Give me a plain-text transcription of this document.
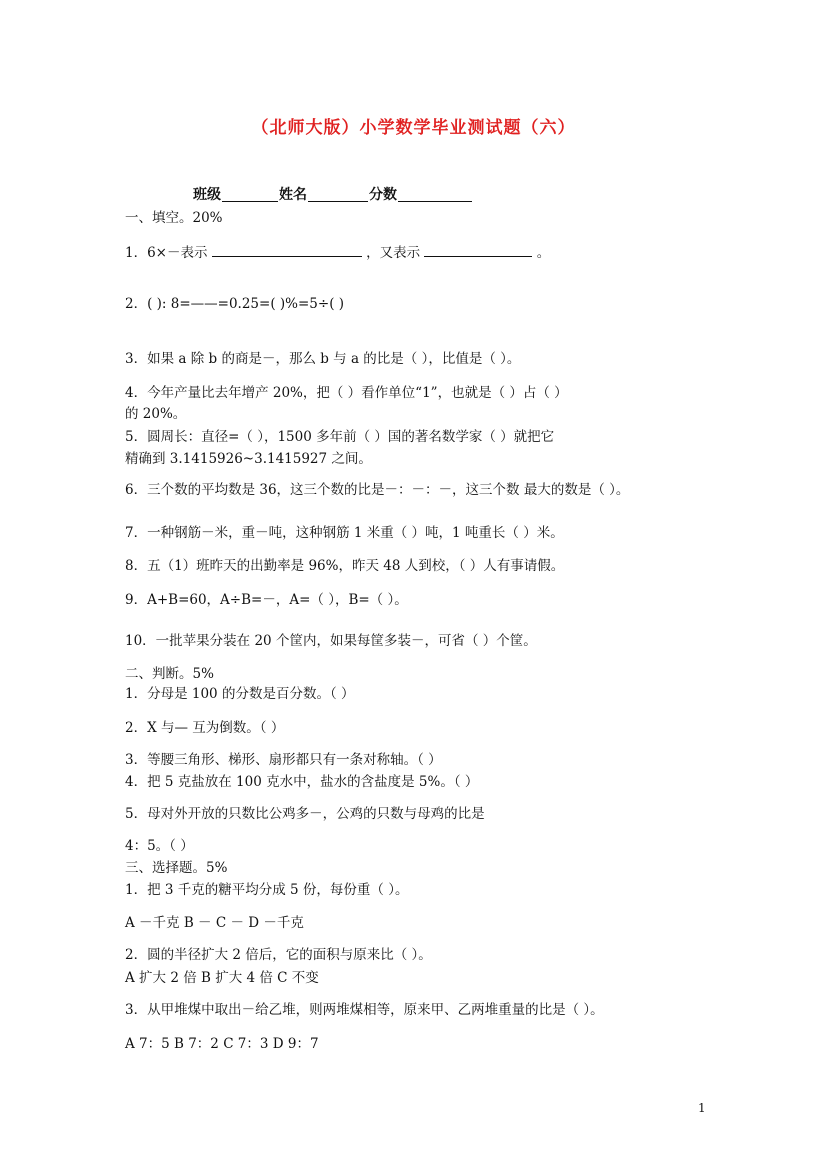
（北师大版）小学数学毕业测试题（六）
班级	姓名	分数
一、填空。20%
1．6×－表示	，又表示	。
2．( ): 8=——=0.25=( )%=5÷( )
3．如果 a 除 b 的商是－，那么 b 与 a 的比是（ ），比值是（ ）。
4．今年产量比去年增产 20%，把（ ）看作单位“1”，也就是（ ）占（ ）
的 20%。
5．圆周长：直径=（ ），1500 多年前（ ）国的著名数学家（ ）就把它
精确到 3.1415926~3.1415927 之间。
6．三个数的平均数是 36，这三个数的比是－：－：－，这三个数 最大的数是（ ）。
7．一种钢筋－米，重－吨，这种钢筋 1 米重（ ）吨，1 吨重长（ ）米。
8．五（1）班昨天的出勤率是 96%，昨天 48 人到校，（ ）人有事请假。
9．A+B=60，A÷B=－，A=（ ），B=（ ）。
10．一批苹果分装在 20 个筐内，如果每筐多装－，可省（ ）个筐。
二、判断。5%
1．分母是 100 的分数是百分数。（ ）
2．X 与— 互为倒数。（ ）
3．等腰三角形、梯形、扇形都只有一条对称轴。（ ）
4．把 5 克盐放在 100 克水中，盐水的含盐度是 5%。（ ）
5．母对外开放的只数比公鸡多－，公鸡的只数与母鸡的比是
4：5。（ ）
三、选择题。5%
1．把 3 千克的糖平均分成 5 份，每份重（ ）。
A －千克 B － C － D －千克
2．圆的半径扩大 2 倍后，它的面积与原来比（ ）。
A 扩大 2 倍 B 扩大 4 倍 C 不变
3．从甲堆煤中取出－给乙堆，则两堆煤相等，原来甲、乙两堆重量的比是（ ）。
A 7：5 B 7：2 C 7：3 D 9：7
1
